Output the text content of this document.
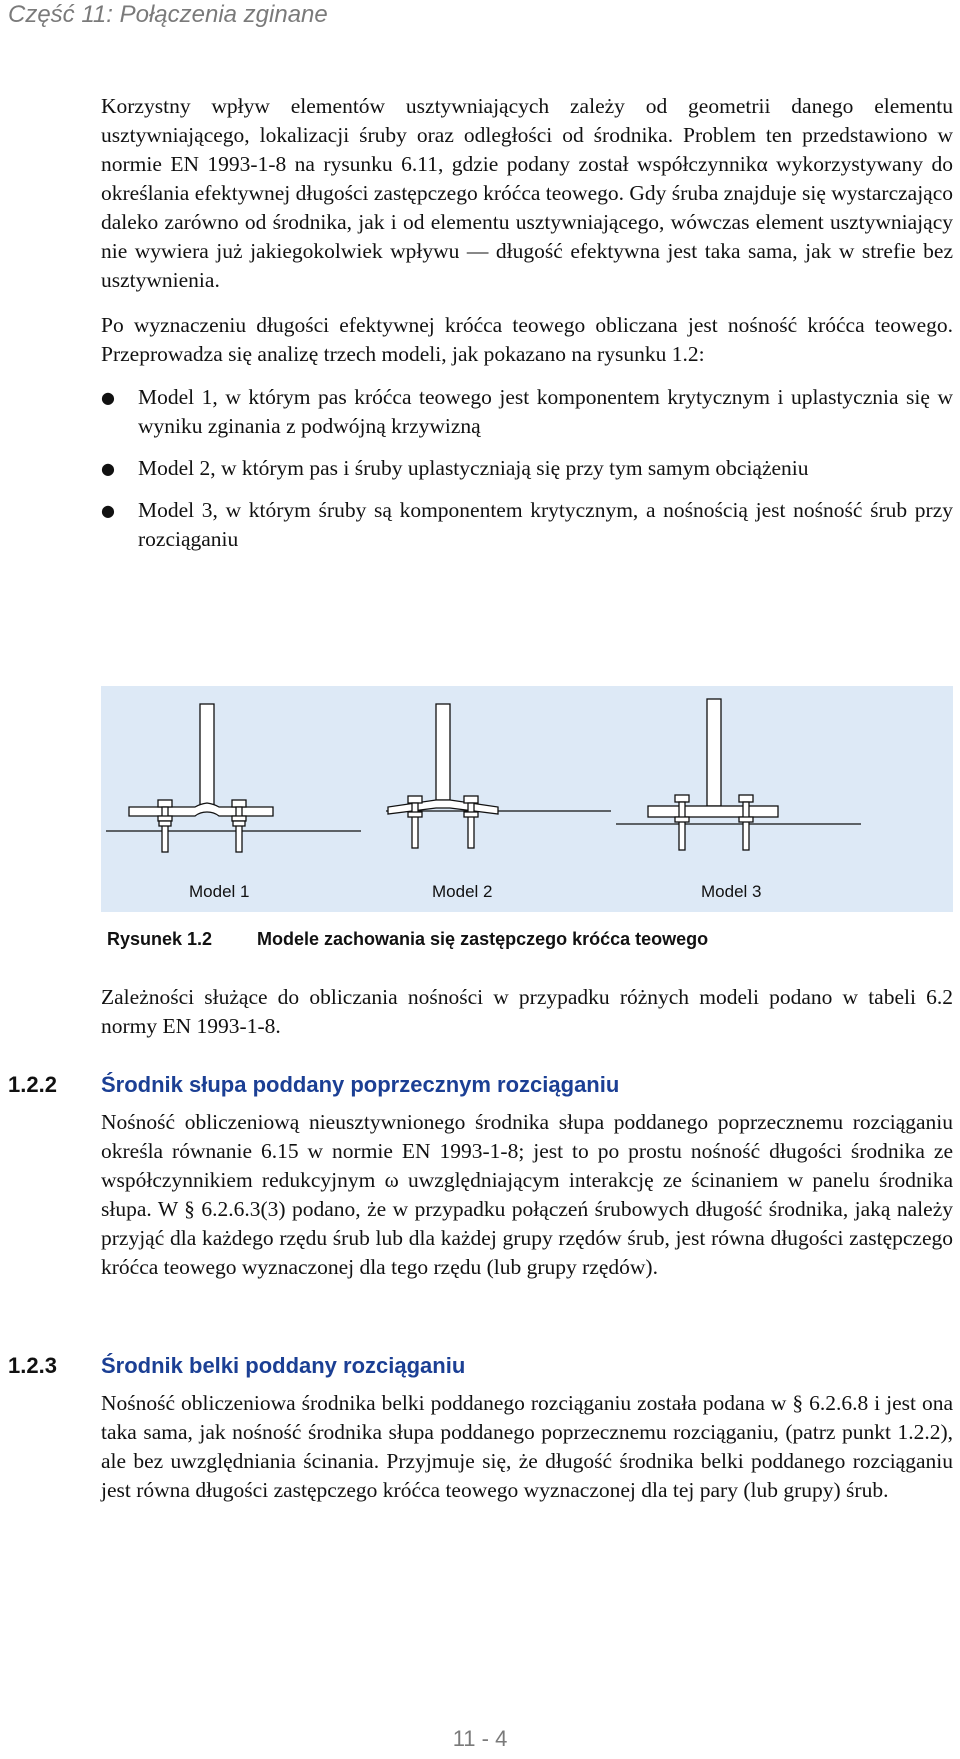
Część 11: Połączenia zginane

Korzystny wpływ elementów usztywniających zależy od geometrii danego elementu usztywniającego, lokalizacji śruby oraz odległości od środnika. Problem ten przedstawiono w normie EN 1993-1-8 na rysunku 6.11, gdzie podany został współczynnikα wykorzystywany do określania efektywnej długości zastępczego króćca teowego. Gdy śruba znajduje się wystarczająco daleko zarówno od środnika, jak i od elementu usztywniającego, wówczas element usztywniający nie wywiera już jakiegokolwiek wpływu — długość efektywna jest taka sama, jak w strefie bez usztywnienia.

Po wyznaczeniu długości efektywnej króćca teowego obliczana jest nośność króćca teowego. Przeprowadza się analizę trzech modeli, jak pokazano na rysunku 1.2:

● Model 1, w którym pas króćca teowego jest komponentem krytycznym i uplastycznia się w wyniku zginania z podwójną krzywizną
● Model 2, w którym pas i śruby uplastyczniają się przy tym samym obciążeniu
● Model 3, w którym śruby są komponentem krytycznym, a nośnością jest nośność śrub przy rozciąganiu
Model 1	Model 2	Model 3
Rysunek 1.2 Modele zachowania się zastępczego króćca teowego

Zależności służące do obliczania nośności w przypadku różnych modeli podano w tabeli 6.2 normy EN 1993-1-8.

1.2.2 Środnik słupa poddany poprzecznym rozciąganiu

Nośność obliczeniową nieusztywnionego środnika słupa poddanego poprzecznemu rozciąganiu określa równanie 6.15 w normie EN 1993-1-8; jest to po prostu nośność długości środnika ze współczynnikiem redukcyjnym ω uwzględniającym interakcję ze ścinaniem w panelu środnika słupa. W § 6.2.6.3(3) podano, że w przypadku połączeń śrubowych długość środnika, jaką należy przyjąć dla każdego rzędu śrub lub dla każdej grupy rzędów śrub, jest równa długości zastępczego króćca teowego wyznaczonej dla tego rzędu (lub grupy rzędów).

1.2.3 Środnik belki poddany rozciąganiu

Nośność obliczeniowa środnika belki poddanego rozciąganiu została podana w § 6.2.6.8 i jest ona taka sama, jak nośność środnika słupa poddanego poprzecznemu rozciąganiu, (patrz punkt 1.2.2), ale bez uwzględniania ścinania. Przyjmuje się, że długość środnika belki poddanego rozciąganiu jest równa długości zastępczego króćca teowego wyznaczonej dla tej pary (lub grupy) śrub.

11 - 4
